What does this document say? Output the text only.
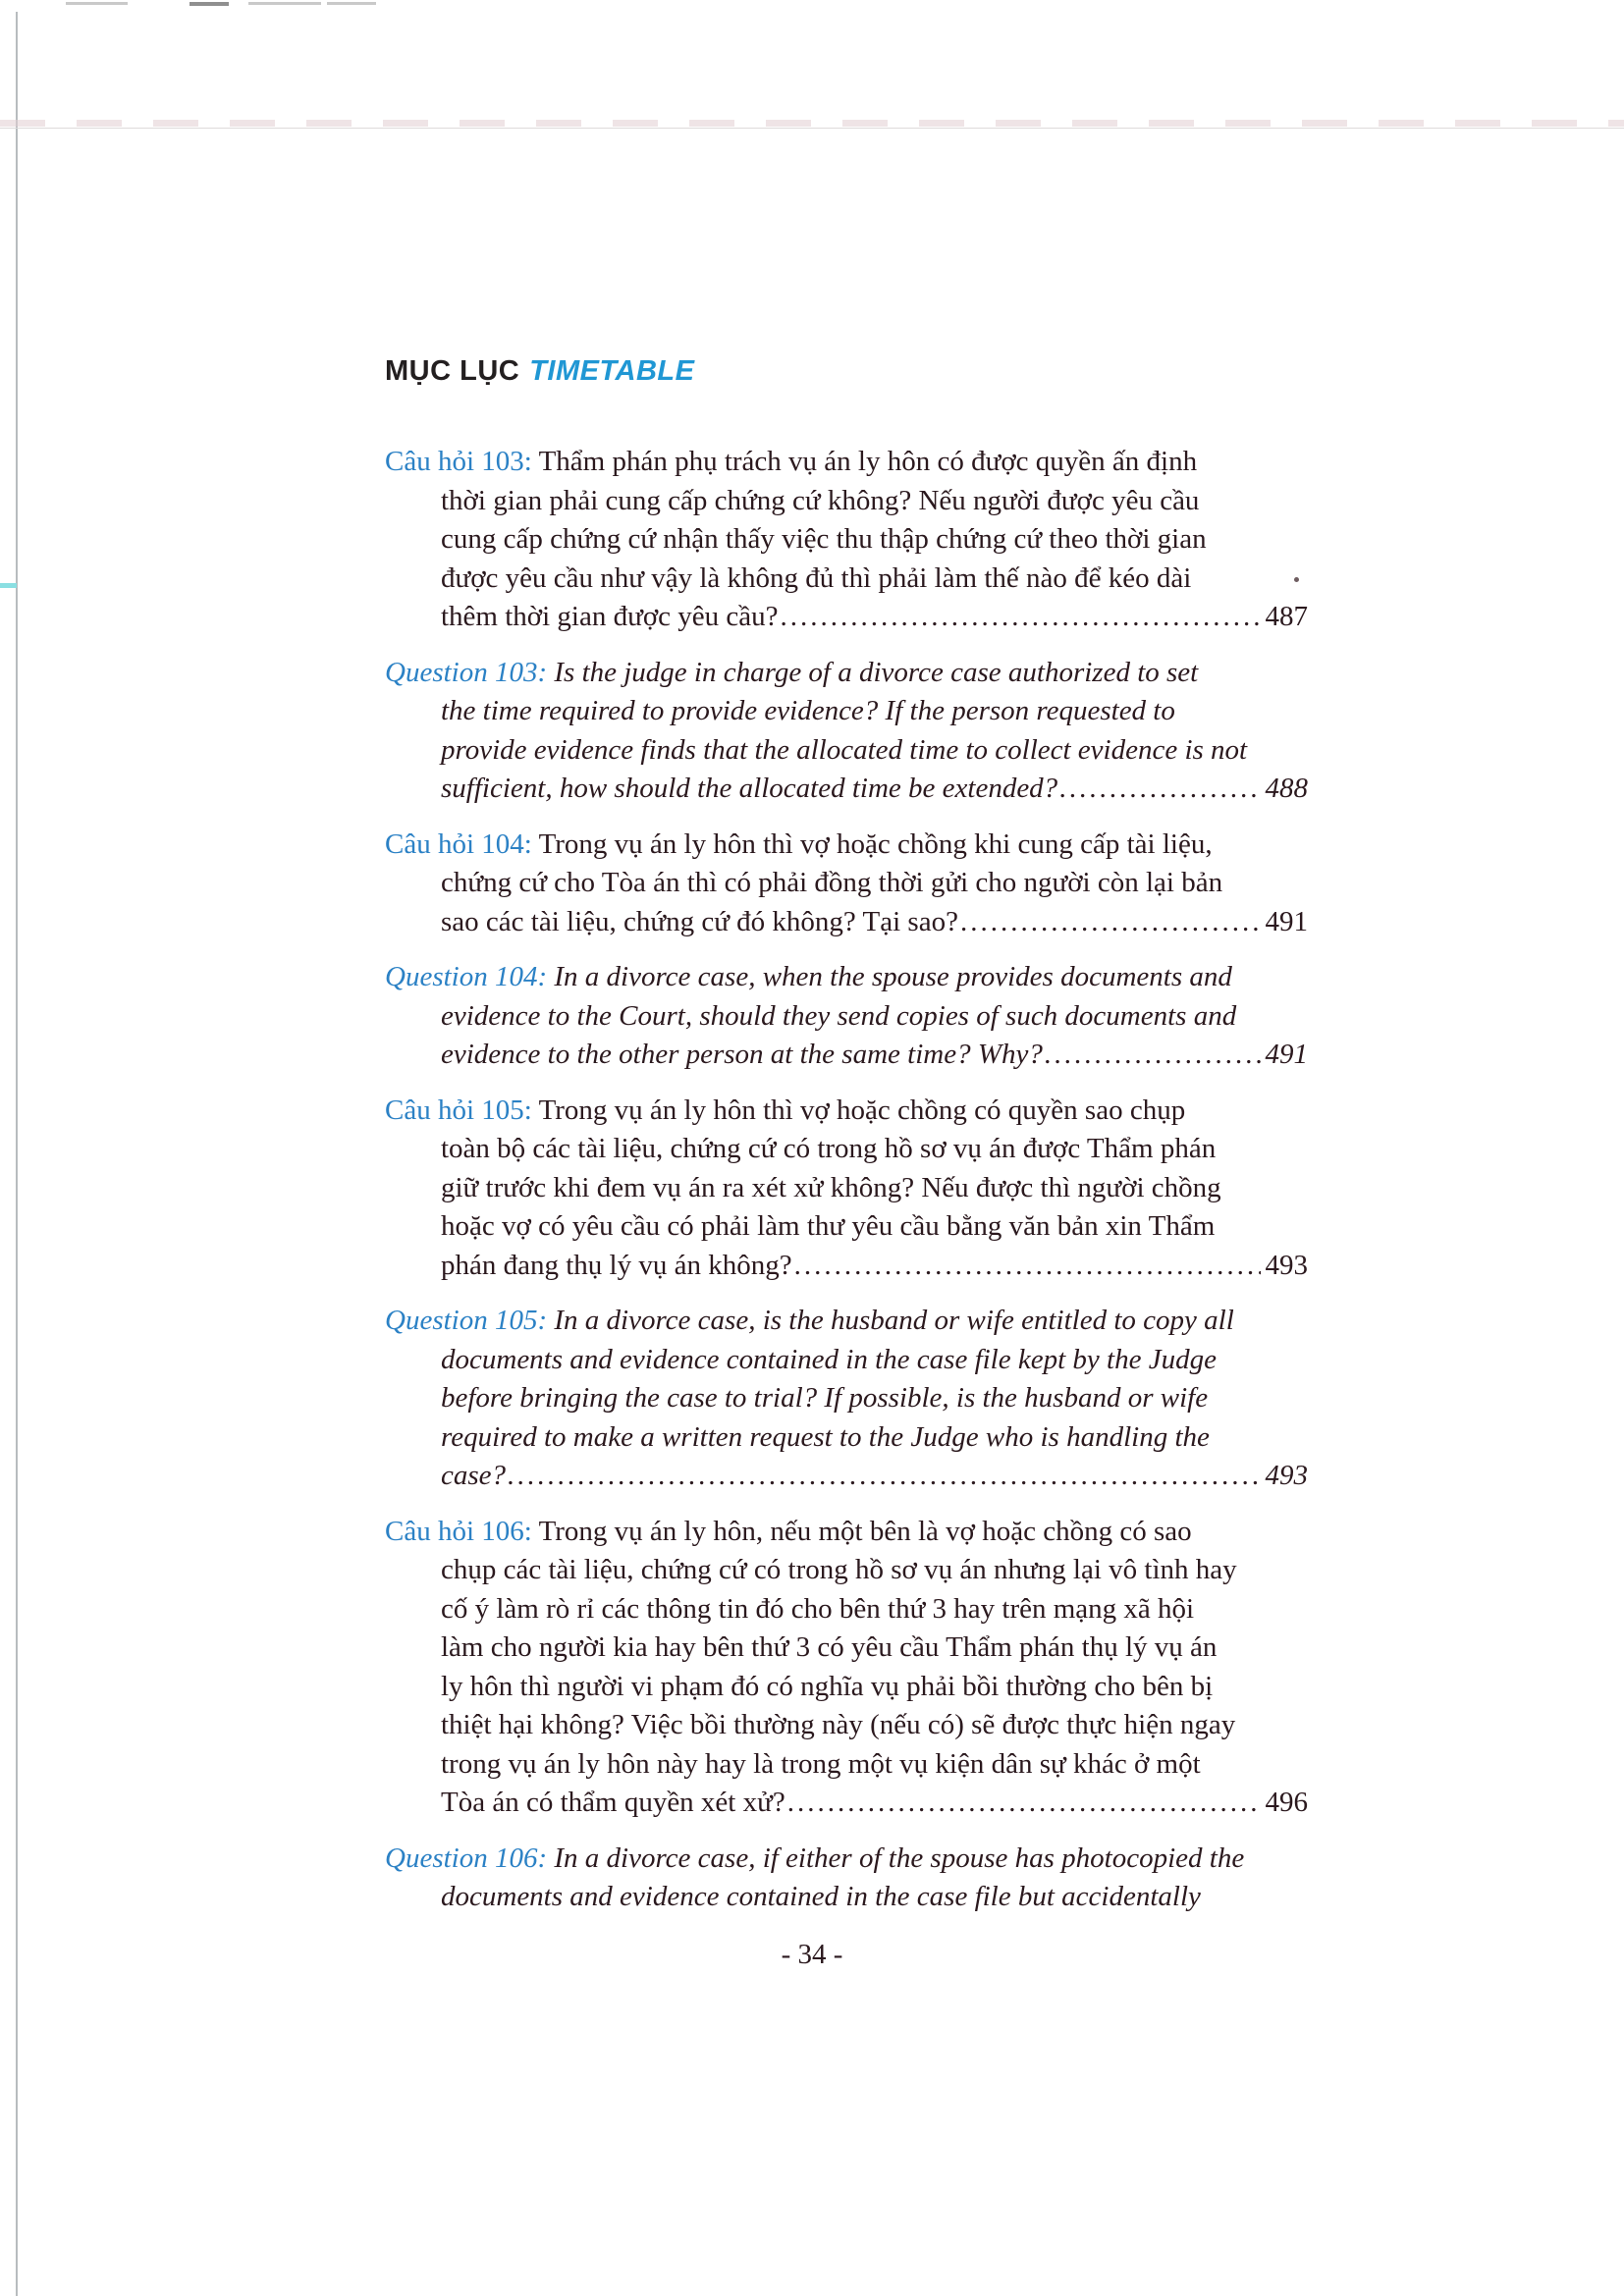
MỤC LỤC TIMETABLE
Câu hỏi 103: Thẩm phán phụ trách vụ án ly hôn có được quyền ấn định
thời gian phải cung cấp chứng cứ không? Nếu người được yêu cầu
cung cấp chứng cứ nhận thấy việc thu thập chứng cứ theo thời gian
được yêu cầu như vậy là không đủ thì phải làm thế nào để kéo dài
thêm thời gian được yêu cầu? .....	487
Question 103: Is the judge in charge of a divorce case authorized to set
the time required to provide evidence? If the person requested to
provide evidence finds that the allocated time to collect evidence is not
sufficient, how should the allocated time be extended? .....	488
Câu hỏi 104: Trong vụ án ly hôn thì vợ hoặc chồng khi cung cấp tài liệu,
chứng cứ cho Tòa án thì có phải đồng thời gửi cho người còn lại bản
sao các tài liệu, chứng cứ đó không? Tại sao? .....	491
Question 104: In a divorce case, when the spouse provides documents and
evidence to the Court, should they send copies of such documents and
evidence to the other person at the same time? Why? .....	491
Câu hỏi 105: Trong vụ án ly hôn thì vợ hoặc chồng có quyền sao chụp
toàn bộ các tài liệu, chứng cứ có trong hồ sơ vụ án được Thẩm phán
giữ trước khi đem vụ án ra xét xử không? Nếu được thì người chồng
hoặc vợ có yêu cầu có phải làm thư yêu cầu bằng văn bản xin Thẩm
phán đang thụ lý vụ án không? .....	493
Question 105: In a divorce case, is the husband or wife entitled to copy all
documents and evidence contained in the case file kept by the Judge
before bringing the case to trial? If possible, is the husband or wife
required to make a written request to the Judge who is handling the
case? .....	493
Câu hỏi 106: Trong vụ án ly hôn, nếu một bên là vợ hoặc chồng có sao
chụp các tài liệu, chứng cứ có trong hồ sơ vụ án nhưng lại vô tình hay
cố ý làm rò rỉ các thông tin đó cho bên thứ 3 hay trên mạng xã hội
làm cho người kia hay bên thứ 3 có yêu cầu Thẩm phán thụ lý vụ án
ly hôn thì người vi phạm đó có nghĩa vụ phải bồi thường cho bên bị
thiệt hại không? Việc bồi thường này (nếu có) sẽ được thực hiện ngay
trong vụ án ly hôn này hay là trong một vụ kiện dân sự khác ở một
Tòa án có thẩm quyền xét xử? .....	496
Question 106: In a divorce case, if either of the spouse has photocopied the
documents and evidence contained in the case file but accidentally
- 34 -
